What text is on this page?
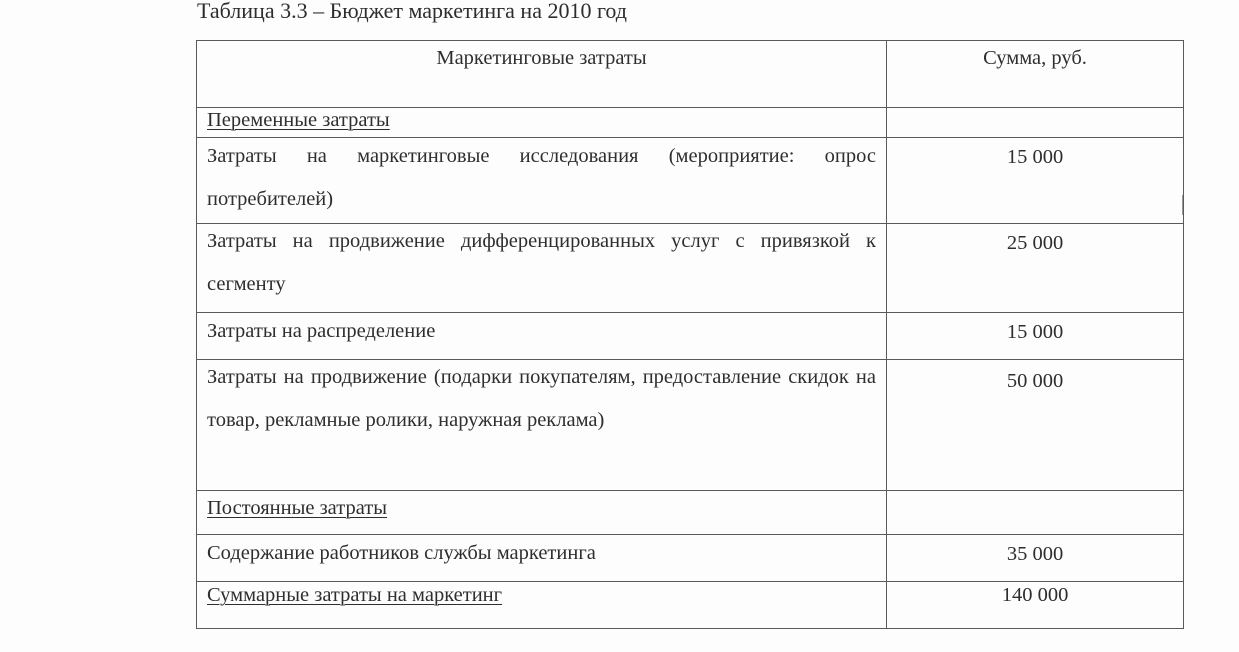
Таблица 3.3 – Бюджет маркетинга на 2010 год
Маркетинговые затраты	Сумма, руб.

Переменные затраты	

Затраты на маркетинговые исследования (мероприятие: опрос потребителей)	15 000

Затраты на продвижение дифференцированных услуг с привязкой к сегменту	25 000

Затраты на распределение	15 000

Затраты на продвижение (подарки покупателям, предоставление скидок на товар, рекламные ролики, наружная реклама)	50 000

Постоянные затраты	

Содержание работников службы маркетинга	35 000

Суммарные затраты на маркетинг	140 000
